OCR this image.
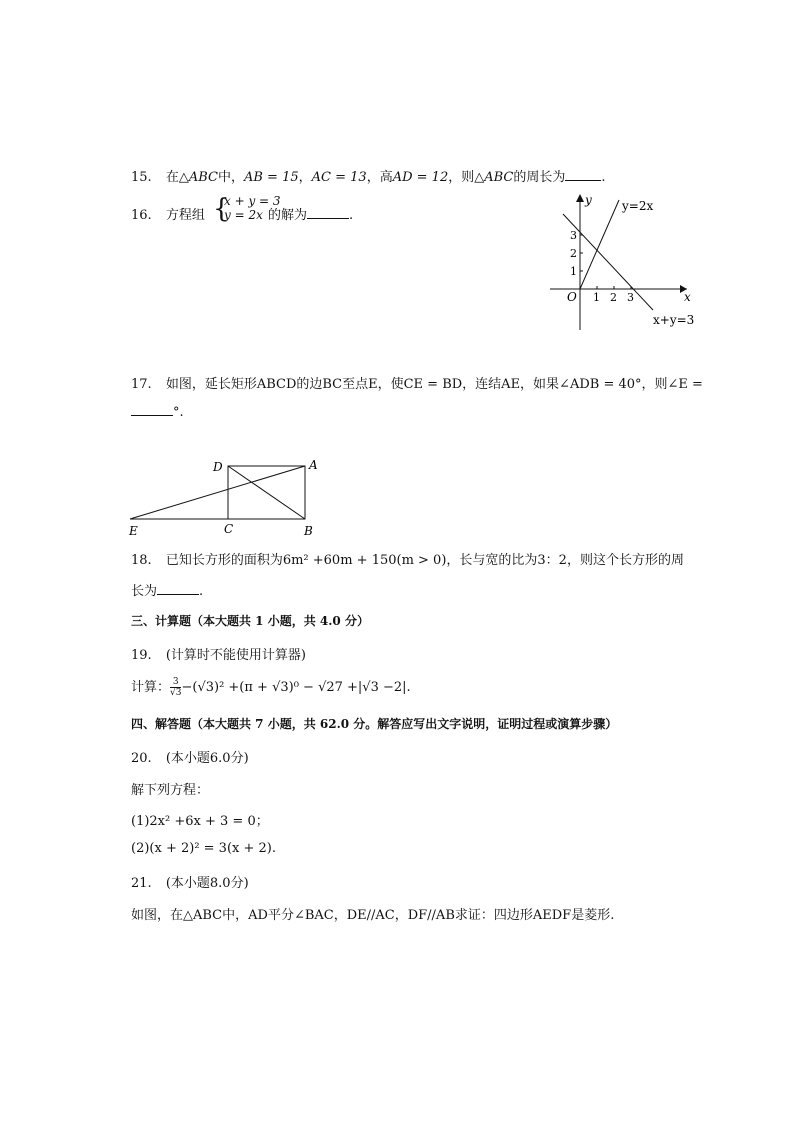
15. 在△ABC中，AB = 15，AC = 13，高AD = 12，则△ABC的周长为	.
16. 方程组 {
x + y = 3
y = 2x 的解为	.
y
x
O
y=2x
x+y=3
1 2 3
1
2
3
17. 如图，延长矩形ABCD的边BC至点E，使CE = BD，连结AE，如果∠ADB = 40°，则∠E =
°.
D	A
E	C	B
18. 已知长方形的面积为6m² +60m + 150(m > 0)，长与宽的比为3：2，则这个长方形的周
长为	.
三、计算题（本大题共 1 小题，共 4.0 分）
19. (计算时不能使用计算器)
计算： $\frac{3}{√3} -(√3)^2 +(\pi + √3)^0 - √27 +|√3 -2|$.
四、解答题（本大题共 7 小题，共 62.0 分。解答应写出文字说明，证明过程或演算步骤）
20. (本小题6.0分)
解下列方程：
(1)2x² +6x + 3 = 0；
(2)(x + 2)² = 3(x + 2).
21. (本小题8.0分)
如图，在△ABC中，AD平分∠BAC，DE//AC，DF//AB求证：四边形AEDF是菱形.
